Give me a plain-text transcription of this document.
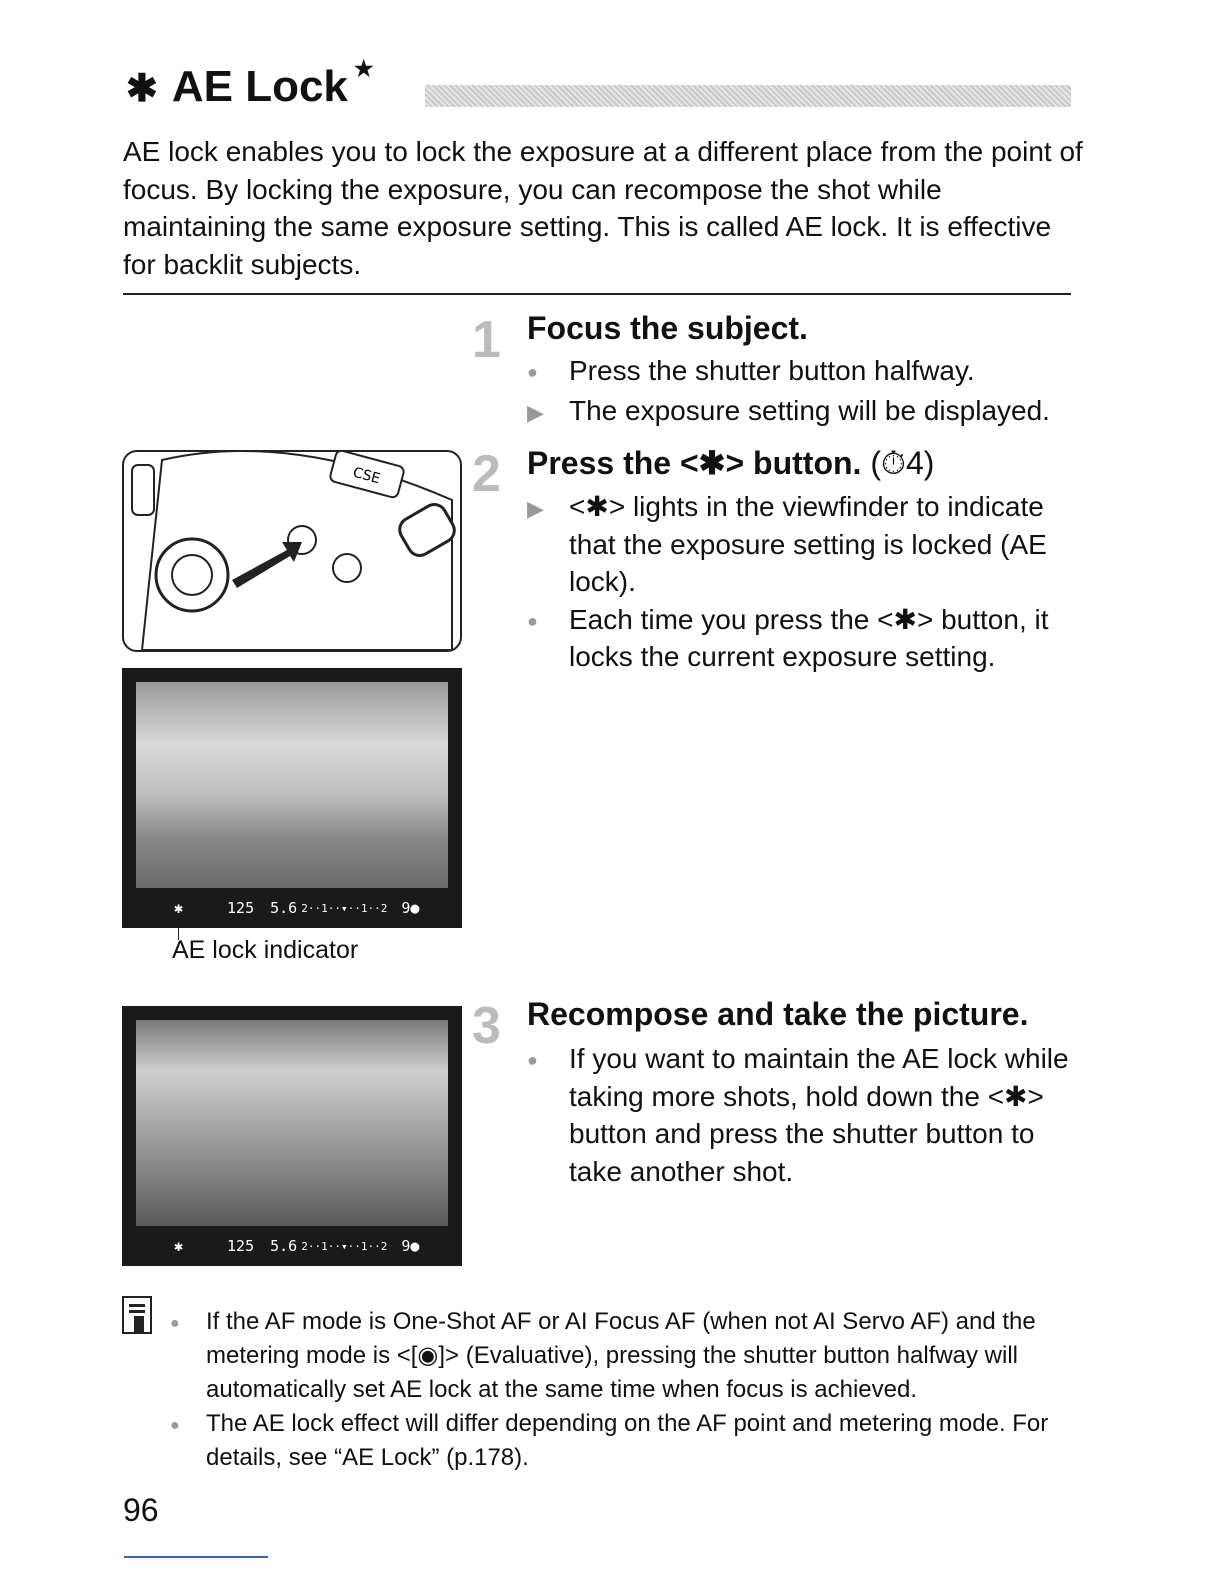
✱ AE Lock ★
AE lock enables you to lock the exposure at a different place from the point of focus. By locking the exposure, you can recompose the shot while maintaining the same exposure setting. This is called AE lock. It is effective for backlit subjects.
1 Focus the subject.
●	Press the shutter button halfway.
▶ The exposure setting will be displayed.
2 Press the <✱> button. (⏱4)
▶ <✱> lights in the viewfinder to indicate that the exposure setting is locked (AE lock).
●	Each time you press the <✱> button, it locks the current exposure setting.
CSE
✱	125 5.6 2··1··▾··1··2 9●
AE lock indicator
3 Recompose and take the picture.
●	If you want to maintain the AE lock while taking more shots, hold down the <✱> button and press the shutter button to take another shot.
✱	125 5.6 2··1··▾··1··2 9●
●	If the AF mode is One-Shot AF or AI Focus AF (when not AI Servo AF) and the metering mode is <[◉]> (Evaluative), pressing the shutter button halfway will automatically set AE lock at the same time when focus is achieved.
●	The AE lock effect will differ depending on the AF point and metering mode. For details, see “AE Lock” (p.178).
96
